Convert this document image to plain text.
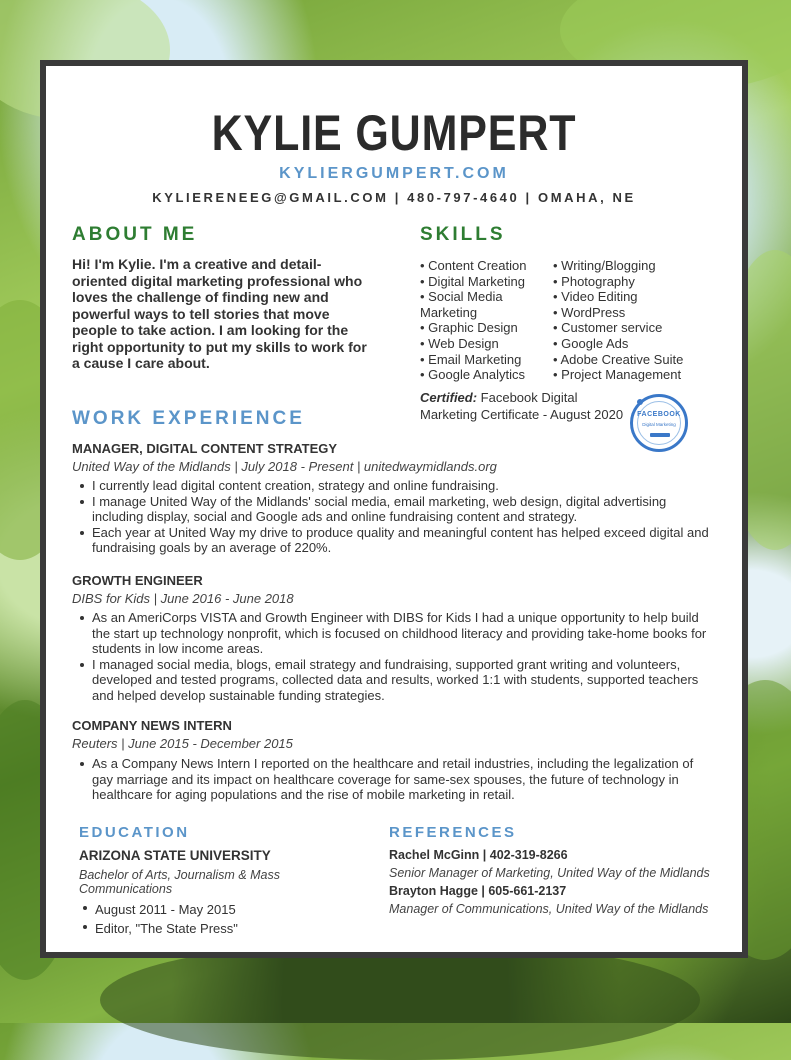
KYLIE GUMPERT
KYLIERGUMPERT.COM
KYLIERENEEG@GMAIL.COM | 480-797-4640 | OMAHA, NE
ABOUT ME
Hi! I'm Kylie. I'm a creative and detail-oriented digital marketing professional who loves the challenge of finding new and powerful ways to tell stories that move people to take action. I am looking for the right opportunity to put my skills to work for a cause I care about.
SKILLS
• Content Creation
• Digital Marketing
• Social Media
Marketing
• Graphic Design
• Web Design
• Email Marketing
• Google Analytics
• Writing/Blogging
• Photography
• Video Editing
• WordPress
• Customer service
• Google Ads
• Adobe Creative Suite
• Project Management
Certified: Facebook Digital Marketing Certificate - August 2020	FACEBOOK
Digital Marketing
WORK EXPERIENCE
MANAGER, DIGITAL CONTENT STRATEGY
United Way of the Midlands | July 2018 - Present | unitedwaymidlands.org
I currently lead digital content creation, strategy and online fundraising.
I manage United Way of the Midlands' social media, email marketing, web design, digital advertising including display, social and Google ads and online fundraising content and strategy.
Each year at United Way my drive to produce quality and meaningful content has helped exceed digital and fundraising goals by an average of 220%.
GROWTH ENGINEER
DIBS for Kids | June 2016 - June 2018
As an AmeriCorps VISTA and Growth Engineer with DIBS for Kids I had a unique opportunity to help build the start up technology nonprofit, which is focused on childhood literacy and providing take-home books for students in low income areas.
I managed social media, blogs, email strategy and fundraising, supported grant writing and volunteers, developed and tested programs, collected data and results, worked 1:1 with students, supported teachers and helped develop sustainable funding strategies.
COMPANY NEWS INTERN
Reuters | June 2015 - December 2015
As a Company News Intern I reported on the healthcare and retail industries, including the legalization of gay marriage and its impact on healthcare coverage for same-sex spouses, the future of technology in healthcare for aging populations and the rise of mobile marketing in retail.
EDUCATION
ARIZONA STATE UNIVERSITY
Bachelor of Arts, Journalism & Mass Communications
August 2011 - May 2015
Editor, "The State Press"
REFERENCES
Rachel McGinn | 402-319-8266
Senior Manager of Marketing, United Way of the Midlands
Brayton Hagge | 605-661-2137
Manager of Communications, United Way of the Midlands
